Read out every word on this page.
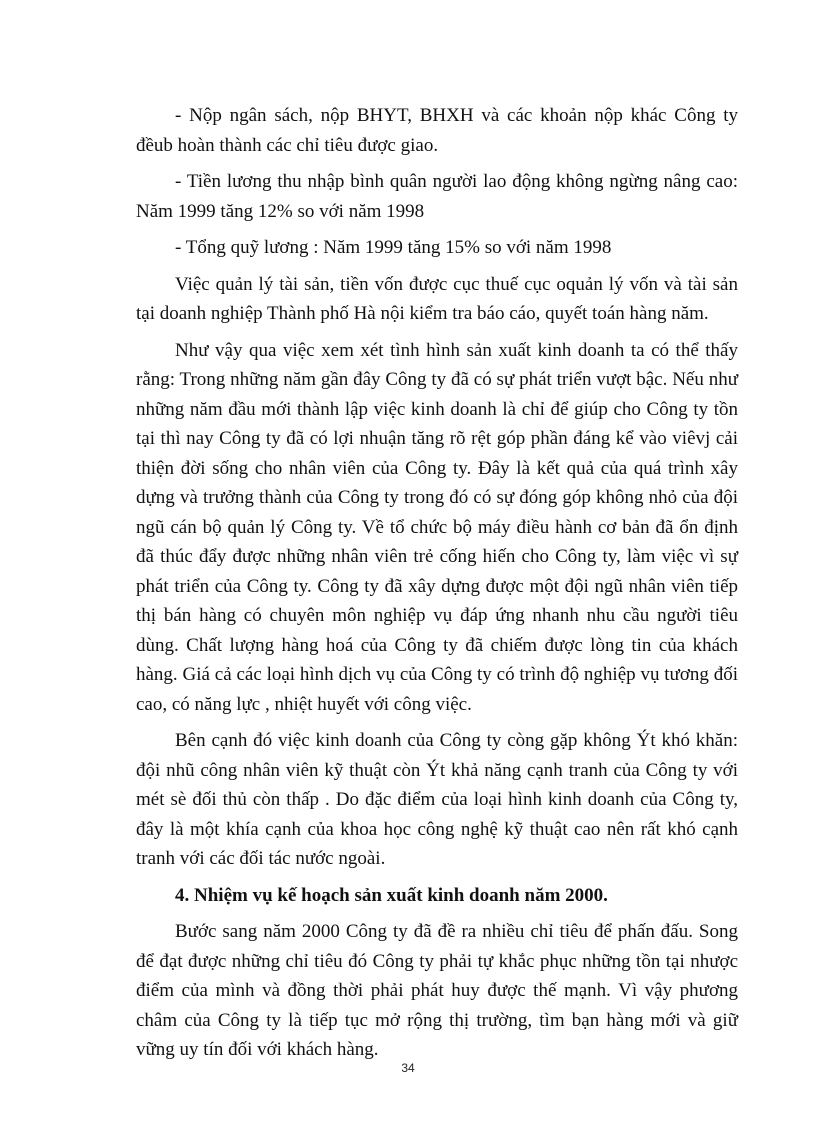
- Nộp ngân sách, nộp BHYT, BHXH và các khoản nộp khác Công ty đềub hoàn thành các chỉ tiêu được giao.

- Tiền lương thu nhập bình quân người lao động không ngừng nâng cao: Năm 1999 tăng 12% so với năm 1998

- Tổng quỹ lương : Năm 1999 tăng 15% so với năm 1998

Việc quản lý tài sản, tiền vốn được cục thuế cục oquản lý vốn và tài sản tại doanh nghiệp Thành phố Hà nội kiểm tra báo cáo, quyết toán hàng năm.

Như vậy qua việc xem xét tình hình sản xuất kinh doanh ta có thể thấy rằng: Trong những năm gần đây Công ty đã có sự phát triển vượt bậc. Nếu như những năm đầu mới thành lập việc kinh doanh là chỉ để giúp cho Công ty tồn tại thì nay Công ty đã có lợi nhuận tăng rõ rệt góp phần đáng kể vào viêvj cải thiện đời sống cho nhân viên của Công ty. Đây là kết quả của quá trình xây dựng và trưởng thành của Công ty trong đó có sự đóng góp không nhỏ của đội ngũ cán bộ quản lý Công ty. Về tổ chức bộ máy điều hành cơ bản đã ổn định đã thúc đẩy được những nhân viên trẻ cống hiến cho Công ty, làm việc vì sự phát triển của Công ty. Công ty đã xây dựng được một đội ngũ nhân viên tiếp thị bán hàng có chuyên môn nghiệp vụ đáp ứng nhanh nhu cầu người tiêu dùng. Chất lượng hàng hoá của Công ty đã chiếm được lòng tin của khách hàng. Giá cả các loại hình dịch vụ của Công ty có trình độ nghiệp vụ tương đối cao, có năng lực , nhiệt huyết với công việc.

Bên cạnh đó việc kinh doanh của Công ty còng gặp không Ýt khó khăn: đội nhũ công nhân viên kỹ thuật còn Ýt khả năng cạnh tranh của Công ty với mét sè đối thủ còn thấp . Do đặc điểm của loại hình kinh doanh của Công ty, đây là một khía cạnh của khoa học công nghệ kỹ thuật cao nên rất khó cạnh tranh với các đối tác nước ngoài.

4. Nhiệm vụ kế hoạch sản xuất kinh doanh năm 2000.

Bước sang năm 2000 Công ty đã đề ra nhiều chỉ tiêu để phấn đấu. Song để đạt được những chỉ tiêu đó Công ty phải tự khắc phục những tồn tại nhược điểm của mình và đồng thời phải phát huy được thế mạnh. Vì vậy phương châm của Công ty là tiếp tục mở rộng thị trường, tìm bạn hàng mới và giữ vững uy tín đối với khách hàng.

34
